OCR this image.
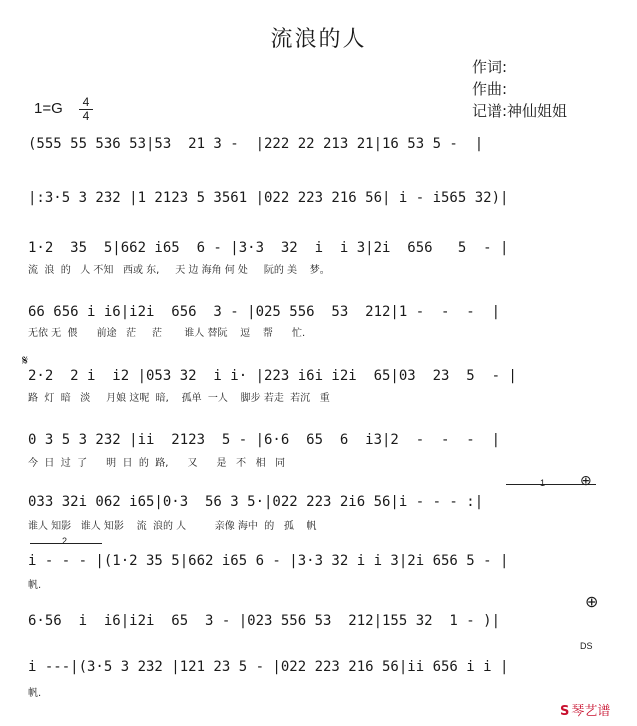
流浪的人
作词:
作曲:
记谱:神仙姐姐
1=G	4
4
(555 55 536 53|53  21 3 -  |222 22 213 21|16 53 5 -  |
|:3·5 3 232 |1 2123 5 3561 |022 223 216 56| i - i565 32)|
1·2  35  5|662 i65  6 - |3·3  32  i  i 3|2i  656   5  - |
流  浪  的   人 不知   西或 东,     天 边 海角 何 处     阮的 美    梦。
66 656 i i6|i2i  656  3 - |025 556  53  212|1 -  -  -  |
无依 无  偎      前途   茫     茫       谁人 替阮    逗    帮      忙.
2·2  2 i  i2 |053 32  i i· |223 i6i i2i  65|03  23  5  - |
路  灯  暗   淡     月娘 这呢  暗,    孤单  一人    脚步 若走  若沉   重
0 3 5 3 232 |ii  2123  5 - |6·6  65  6  i3|2  -  -  -  |
今  日  过  了      明  日  的  路,      又      是   不   相   同
033 32i 062 i65|0·3  56 3 5·|022 223 2i6 56|i - - - :|
谁人 知影   谁人 知影    流  浪的 人         亲像 海中  的   孤    帆
i - - - |(1·2 35 5|662 i65 6 - |3·3 32 i i 3|2i 656 5 - |
帆.
6·56  i  i6|i2i  65  3 - |023 556 53  212|155 32  1 - )|
i ---|(3·5 3 232 |121 23 5 - |022 223 216 56|ii 656 i i |
帆.
𝄋
⊕
⊕
DS
1
2
S 琴艺谱
